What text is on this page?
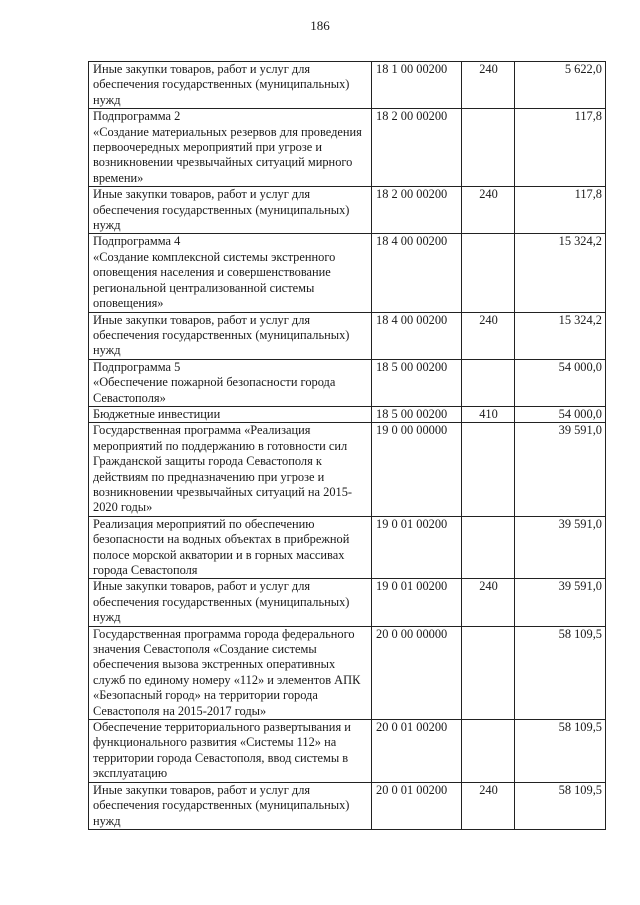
186
Иные закупки товаров, работ и услуг для обеспечения государственных (муниципальных) нужд	18 1 00 00200	240	5 622,0
Подпрограмма 2
«Создание материальных резервов для проведения первоочередных мероприятий при угрозе и возникновении чрезвычайных ситуаций мирного времени»	18 2 00 00200		117,8
Иные закупки товаров, работ и услуг для обеспечения государственных (муниципальных) нужд	18 2 00 00200	240	117,8
Подпрограмма 4
«Создание комплексной системы экстренного оповещения населения и совершенствование региональной централизованной системы оповещения»	18 4 00 00200		15 324,2
Иные закупки товаров, работ и услуг для обеспечения государственных (муниципальных) нужд	18 4 00 00200	240	15 324,2
Подпрограмма 5
«Обеспечение пожарной безопасности города Севастополя»	18 5 00 00200		54 000,0
Бюджетные инвестиции	18 5 00 00200	410	54 000,0
Государственная программа «Реализация мероприятий по поддержанию в готовности сил Гражданской защиты города Севастополя к действиям по предназначению при угрозе и возникновении чрезвычайных ситуаций на 2015-2020 годы»	19 0 00 00000		39 591,0
Реализация мероприятий по обеспечению безопасности на водных объектах в прибрежной полосе морской акватории и в горных массивах города Севастополя	19 0 01 00200		39 591,0
Иные закупки товаров, работ и услуг для обеспечения государственных (муниципальных) нужд	19 0 01 00200	240	39 591,0
Государственная программа города федерального значения Севастополя «Создание системы обеспечения вызова экстренных оперативных служб по единому номеру «112» и элементов АПК «Безопасный город» на территории города Севастополя на 2015-2017 годы»	20 0 00 00000		58 109,5
Обеспечение территориального развертывания и функционального развития «Системы 112» на территории города Севастополя, ввод системы в эксплуатацию	20 0 01 00200		58 109,5
Иные закупки товаров, работ и услуг для обеспечения государственных (муниципальных) нужд	20 0 01 00200	240	58 109,5
